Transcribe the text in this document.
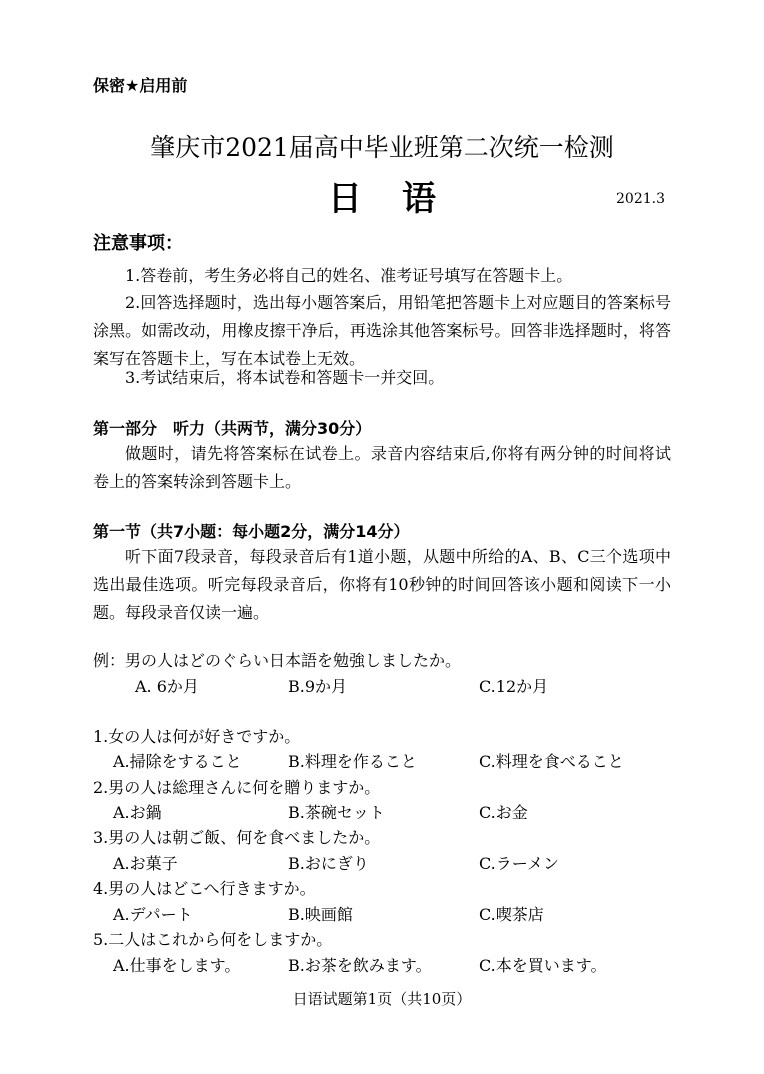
保密★启用前
肇庆市2021届高中毕业班第二次统一检测
日语	2021.3
注意事项：
1.答卷前，考生务必将自己的姓名、准考证号填写在答题卡上。
2.回答选择题时，选出每小题答案后，用铅笔把答题卡上对应题目的答案标号涂黑。如需改动，用橡皮擦干净后，再选涂其他答案标号。回答非选择题时，将答案写在答题卡上，写在本试卷上无效。
3.考试结束后，将本试卷和答题卡一并交回。
第一部分　听力（共两节，满分30分）
做题时，请先将答案标在试卷上。录音内容结束后,你将有两分钟的时间将试卷上的答案转涂到答题卡上。
第一节（共7小题：每小题2分，满分14分）
听下面7段录音，每段录音后有1道小题，从题中所给的A、B、C三个选项中选出最佳选项。听完每段录音后，你将有10秒钟的时间回答该小题和阅读下一小题。每段录音仅读一遍。
例：男の人はどのぐらい日本語を勉強しましたか。
A. 6か月	B.9か月	C.12か月
1.女の人は何が好きですか。
A.掃除をすること	B.料理を作ること	C.料理を食べること
2.男の人は総理さんに何を贈りますか。
A.お鍋	B.茶碗セット	C.お金
3.男の人は朝ご飯、何を食べましたか。
A.お菓子	B.おにぎり	C.ラーメン
4.男の人はどこへ行きますか。
A.デパート	B.映画館	C.喫茶店
5.二人はこれから何をしますか。
A.仕事をします。	B.お茶を飲みます。	C.本を買います。
日语试题第1页（共10页）
